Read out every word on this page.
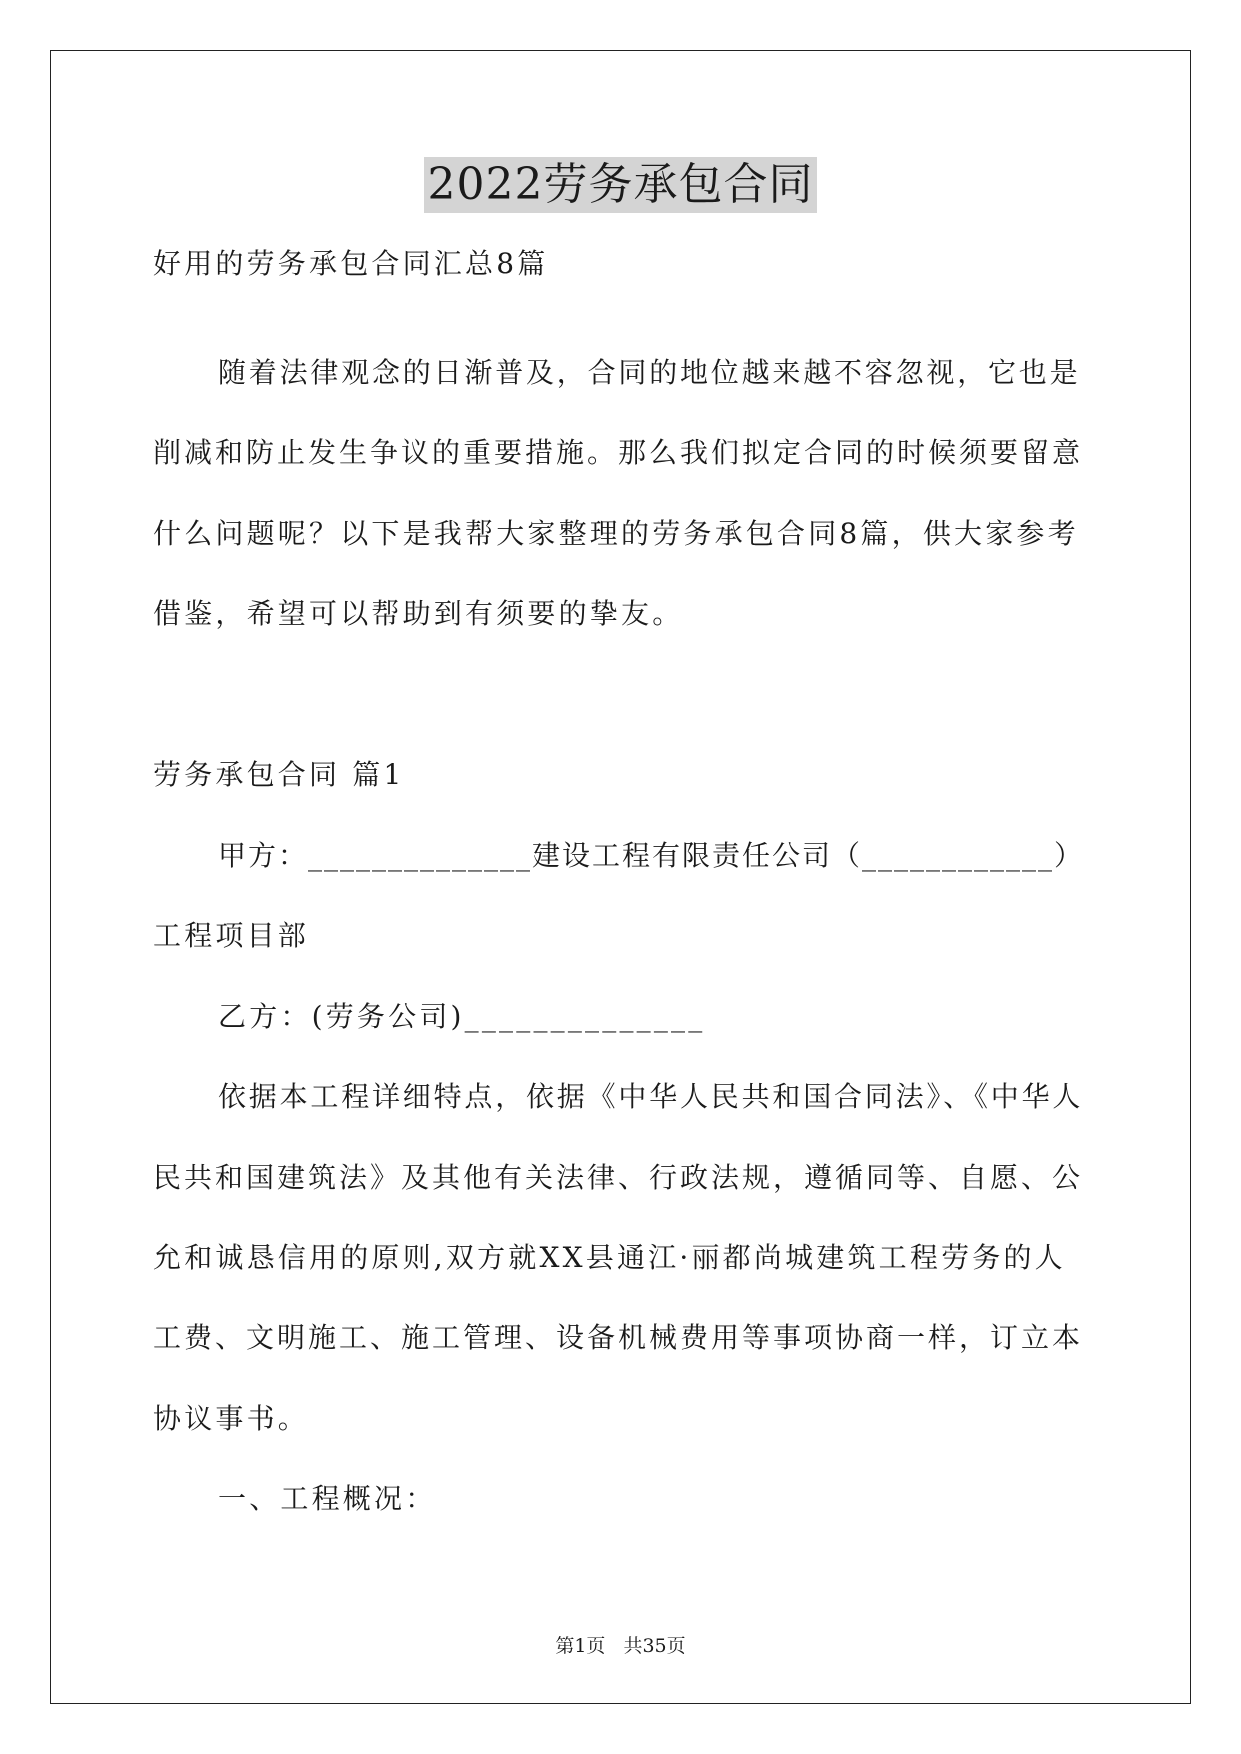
2022劳务承包合同
好用的劳务承包合同汇总8篇
随着法律观念的日渐普及，合同的地位越来越不容忽视，它也是
削减和防止发生争议的重要措施。那么我们拟定合同的时候须要留意
什么问题呢？以下是我帮大家整理的劳务承包合同8篇，供大家参考
借鉴，希望可以帮助到有须要的挚友。
劳务承包合同 篇1
甲方：______________建设工程有限责任公司（____________）
工程项目部
乙方：(劳务公司)______________
依据本工程详细特点，依据《中华人民共和国合同法》、《中华人
民共和国建筑法》及其他有关法律、行政法规，遵循同等、自愿、公
允和诚恳信用的原则,双方就XX县通江·丽都尚城建筑工程劳务的人
工费、文明施工、施工管理、设备机械费用等事项协商一样，订立本
协议事书。
一、工程概况：
第1页 共35页
